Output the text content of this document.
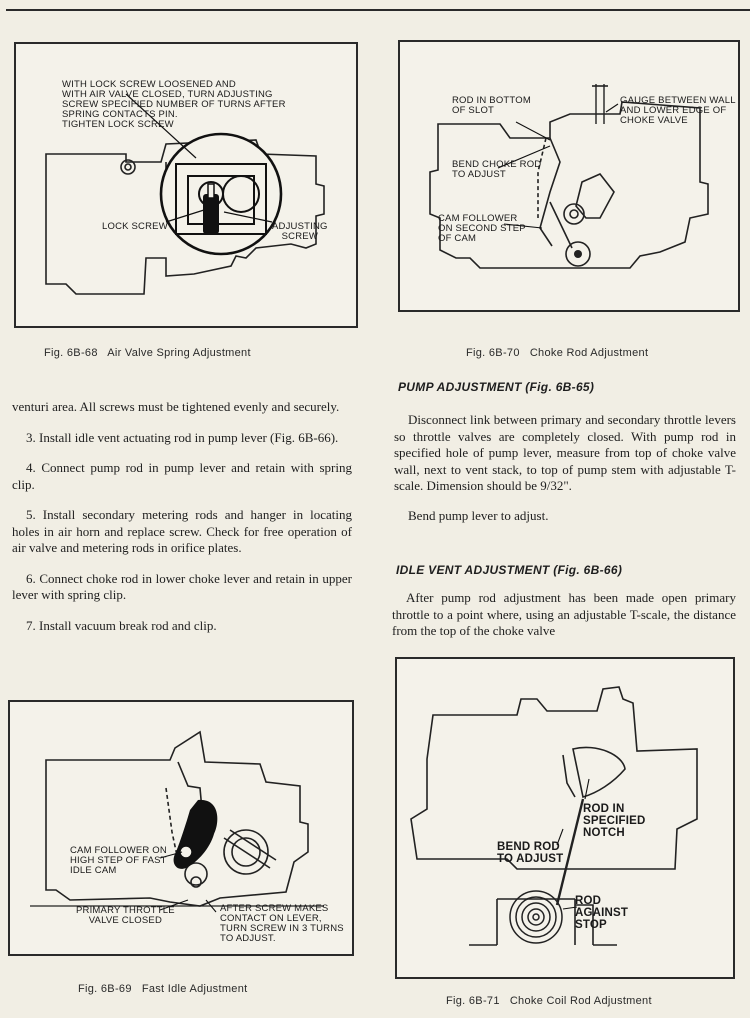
WITH LOCK SCREW LOOSENED AND
WITH AIR VALVE CLOSED, TURN ADJUSTING
SCREW SPECIFIED NUMBER OF TURNS AFTER
SPRING CONTACTS PIN.
TIGHTEN LOCK SCREW
LOCK SCREW	ADJUSTING
SCREW
Fig. 6B-68   Air Valve Spring Adjustment
ROD IN BOTTOM
OF SLOT
GAUGE BETWEEN WALL
AND LOWER EDGE OF
CHOKE VALVE
BEND CHOKE ROD
TO ADJUST
CAM FOLLOWER
ON SECOND STEP
OF CAM
Fig. 6B-70   Choke Rod Adjustment

venturi area. All screws must be tightened evenly and securely.

3. Install idle vent actuating rod in pump lever (Fig. 6B-66).

4. Connect pump rod in pump lever and retain with spring clip.

5. Install secondary metering rods and hanger in locating holes in air horn and replace screw. Check for free operation of air valve and metering rods in orifice plates.

6. Connect choke rod in lower choke lever and retain in upper lever with spring clip.

7. Install vacuum break rod and clip.

PUMP ADJUSTMENT (Fig. 6B-65)

Disconnect link between primary and secondary throttle levers so throttle valves are completely closed. With pump rod in specified hole of pump lever, measure from top of choke valve wall, next to vent stack, to top of pump stem with adjustable T-scale. Dimension should be 9/32".

Bend pump lever to adjust.

IDLE VENT ADJUSTMENT (Fig. 6B-66)

After pump rod adjustment has been made open primary throttle to a point where, using an adjustable T-scale, the distance from the top of the choke valve

CAM FOLLOWER ON
HIGH STEP OF FAST
IDLE CAM
PRIMARY THROTTLE
VALVE CLOSED
AFTER SCREW MAKES
CONTACT ON LEVER,
TURN SCREW IN 3 TURNS
TO ADJUST.
Fig. 6B-69   Fast Idle Adjustment
ROD IN
SPECIFIED
NOTCH
BEND ROD
TO ADJUST
ROD
AGAINST
STOP
Fig. 6B-71   Choke Coil Rod Adjustment
